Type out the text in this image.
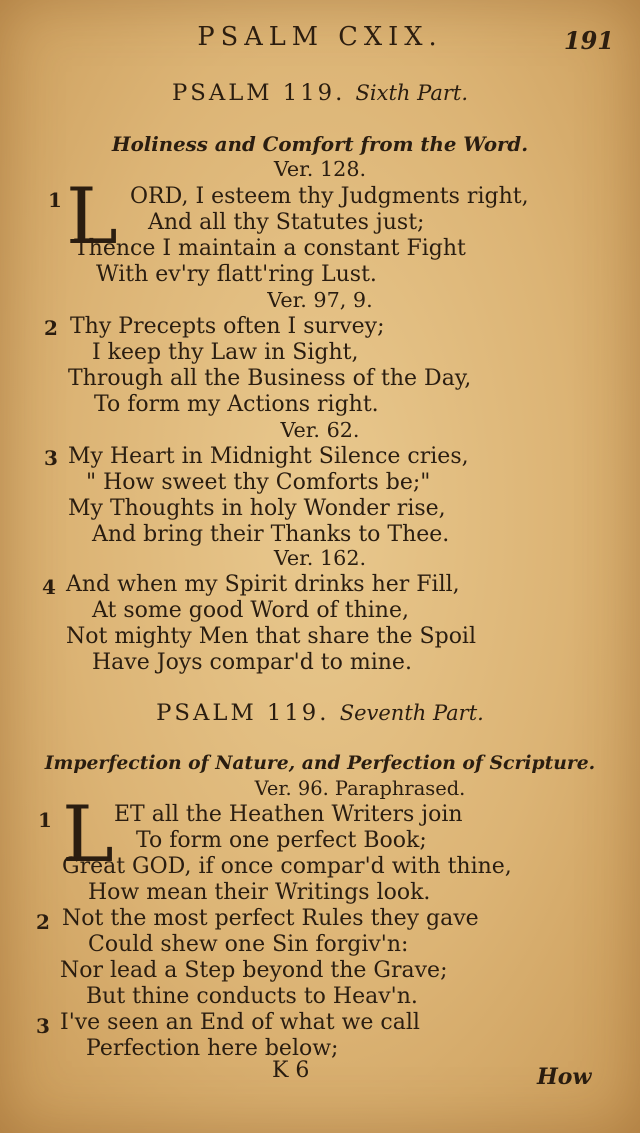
PSALM CXIX.	191
PSALM 119. Sixth Part.
Holiness and Comfort from the Word.
Ver. 128.
1 L ORD, I esteem thy Judgments right,
And all thy Statutes just;
Thence I maintain a constant Fight
With ev'ry flatt'ring Lust.
Ver. 97, 9.
2 Thy Precepts often I survey;
I keep thy Law in Sight,
Through all the Business of the Day,
To form my Actions right.
Ver. 62.
3 My Heart in Midnight Silence cries,
" How sweet thy Comforts be;"
My Thoughts in holy Wonder rise,
And bring their Thanks to Thee.
Ver. 162.
4 And when my Spirit drinks her Fill,
At some good Word of thine,
Not mighty Men that share the Spoil
Have Joys compar'd to mine.
PSALM 119. Seventh Part.
Imperfection of Nature, and Perfection of Scripture.
Ver. 96. Paraphrased.
1 L ET all the Heathen Writers join
To form one perfect Book;
Great GOD, if once compar'd with thine,
How mean their Writings look.
2 Not the most perfect Rules they gave
Could shew one Sin forgiv'n:
Nor lead a Step beyond the Grave;
But thine conducts to Heav'n.
3 I've seen an End of what we call
Perfection here below;
K 6	How
